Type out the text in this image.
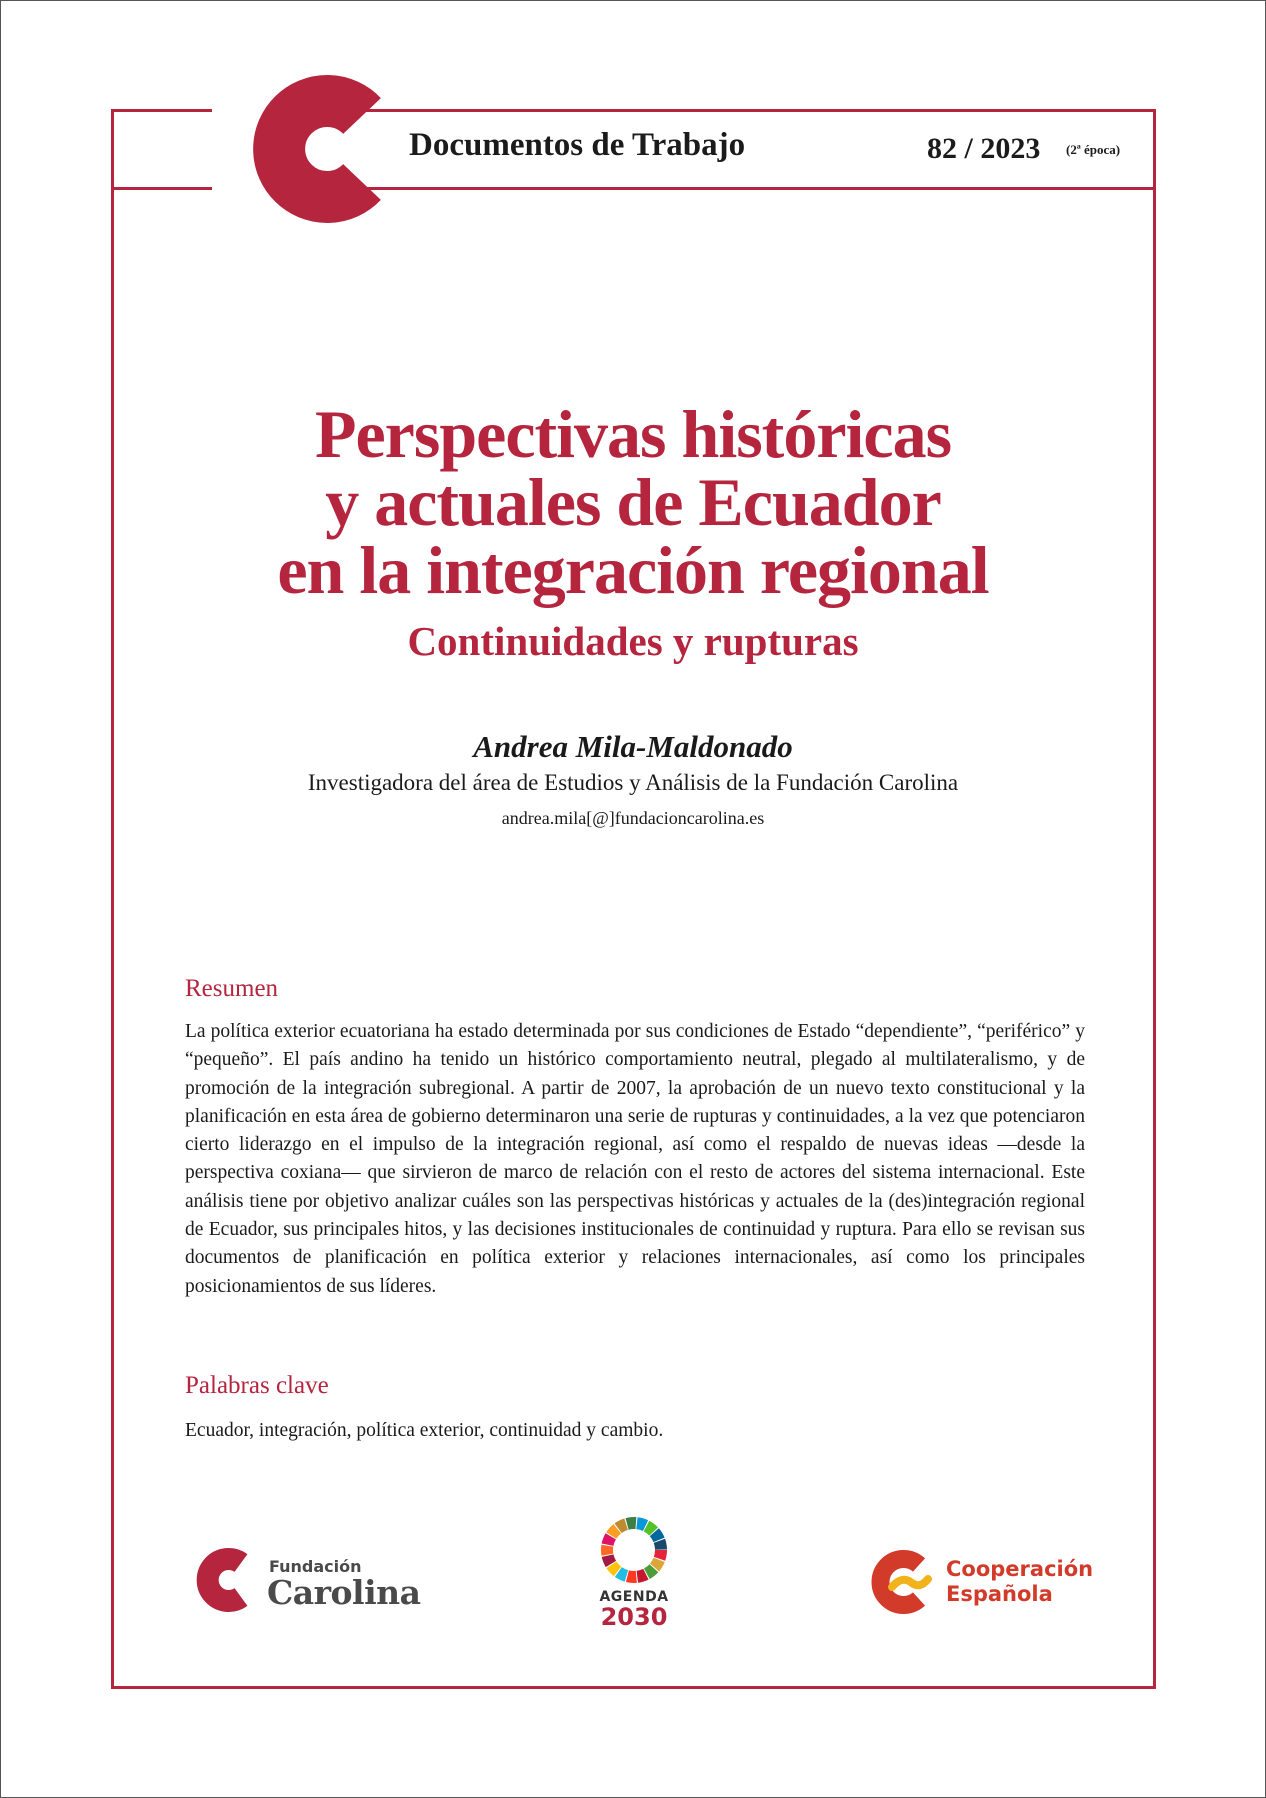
Documentos de Trabajo	82 / 2023 (2ª época)
Perspectivas históricas
y actuales de Ecuador
en la integración regional
Continuidades y rupturas
Andrea Mila-Maldonado
Investigadora del área de Estudios y Análisis de la Fundación Carolina
andrea.mila[@]fundacioncarolina.es
Resumen

La política exterior ecuatoriana ha estado determinada por sus condiciones de Estado “dependiente”, “periférico” y “pequeño”. El país andino ha tenido un histórico comportamiento neutral, plegado al multilateralismo, y de promoción de la integración subregional. A partir de 2007, la aprobación de un nuevo texto constitucional y la planificación en esta área de gobierno determinaron una serie de rupturas y continuidades, a la vez que potenciaron cierto liderazgo en el impulso de la integración regional, así como el respaldo de nuevas ideas —desde la perspectiva coxiana— que sirvieron de marco de relación con el resto de actores del sistema internacional. Este análisis tiene por objetivo analizar cuáles son las perspectivas históricas y actuales de la (des)integración regional de Ecuador, sus principales hitos, y las decisiones institucionales de continuidad y ruptura. Para ello se revisan sus documentos de planificación en política exterior y relaciones internacionales, así como los principales posicionamientos de sus líderes.

Palabras clave

Ecuador, integración, política exterior, continuidad y cambio.

Fundación
Carolina	AGENDA
2030
Cooperación
Española
